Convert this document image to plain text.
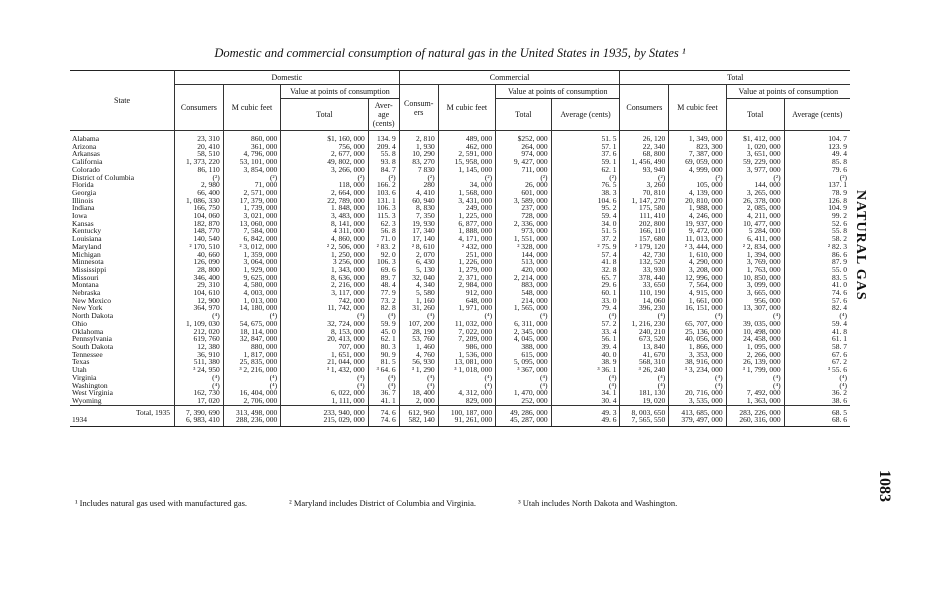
Domestic and commercial consumption of natural gas in the United States in 1935, by States ¹
NATURAL GAS
1083
State	Domestic				Commercial				Total			
	Consumers	M cubic feet	Value at points of consumption		Consum-ers	M cubic feet	Value at points of consumption		Consumers	M cubic feet	Value at points of consumption	
			Total	Aver-age (cents)			Total	Average (cents)			Total	Average (cents)
Alabama	23, 310	860, 000	$1, 160, 000	134. 9	2, 810	489, 000	$252, 000	51. 5	26, 120	1, 349, 000	$1, 412, 000	104. 7
Arizona	20, 410	361, 000	756, 000	209. 4	1, 930	462, 000	264, 000	57. 1	22, 340	823, 300	1, 020, 000	123. 9
Arkansas	58, 510	4, 796, 000	2, 677, 000	55. 8	10, 290	2, 591, 000	974, 000	37. 6	68, 800	7, 387, 000	3, 651, 000	49. 4
California	1, 373, 220	53, 101, 000	49, 802, 000	93. 8	83, 270	15, 958, 000	9, 427, 000	59. 1	1, 456, 490	69, 059, 000	59, 229, 000	85. 8
Colorado	86, 110	3, 854, 000	3, 266, 000	84. 7	7 830	1, 145, 000	711, 000	62. 1	93, 940	4, 999, 000	3, 977, 000	79. 6
District of Columbia	(²)	(²)	(²)	(²)	(²)	(²)	(²)	(²)	(²)	(²)	(²)	(²)
Florida	2, 980	71, 000	118, 000	166. 2	280	34, 000	26, 000	76. 5	3, 260	105, 000	144, 000	137. 1
Georgia	66, 400	2, 571, 000	2, 664, 000	103. 6	4, 410	1, 568, 000	601, 000	38. 3	70, 810	4, 139, 000	3, 265, 000	78. 9
Illinois	1, 086, 330	17, 379, 000	22, 789, 000	131. 1	60, 940	3, 431, 000	3, 589, 000	104. 6	1, 147, 270	20, 810, 000	26, 378, 000	126. 8
Indiana	166, 750	1, 739, 000	1. 848, 000	106. 3	8, 830	249, 000	237, 000	95. 2	175, 580	1, 988, 000	2, 085, 000	104. 9
Iowa	104, 060	3, 021, 000	3, 483, 000	115. 3	7, 350	1, 225, 000	728, 000	59. 4	111, 410	4, 246, 000	4, 211, 000	99. 2
Kansas	182, 870	13, 060, 000	8, 141, 000	62. 3	19, 930	6, 877, 000	2, 336, 000	34. 0	202, 800	19, 937, 000	10, 477, 000	52. 6
Kentucky	148, 770	7, 584, 000	4 311, 000	56. 8	17, 340	1, 888, 000	973, 000	51. 5	166, 110	9, 472, 000	5 284, 000	55. 8
Louisiana	140, 540	6, 842, 000	4, 860, 000	71. 0	17, 140	4, 171, 000	1, 551, 000	37. 2	157, 680	11, 013, 000	6, 411, 000	58. 2
Maryland	² 170, 510	² 3, 012, 000	² 2, 506, 000	² 83. 2	² 8, 610	² 432, 000	² 328, 000	² 75. 9	² 179, 120	² 3, 444, 000	² 2, 834, 000	² 82. 3
Michigan	40, 660	1, 359, 000	1, 250, 000	92. 0	2, 070	251, 000	144, 000	57. 4	42, 730	1, 610, 000	1, 394, 000	86. 6
Minnesota	126, 090	3, 064, 000	3 256, 000	106. 3	6, 430	1, 226, 000	513, 000	41. 8	132, 520	4, 290, 000	3, 769, 000	87. 9
Mississippi	28, 800	1, 929, 000	1, 343, 000	69. 6	5, 130	1, 279, 000	420, 000	32. 8	33, 930	3, 208, 000	1, 763, 000	55. 0
Missouri	346, 400	9, 625, 000	8, 636, 000	89. 7	32, 040	2, 371, 000	2, 214, 000	65. 7	378, 440	12, 996, 000	10, 850, 000	83. 5
Montana	29, 310	4, 580, 000	2, 216, 000	48. 4	4, 340	2, 984, 000	883, 000	29. 6	33, 650	7, 564, 000	3, 099, 000	41. 0
Nebraska	104, 610	4, 003, 000	3, 117, 000	77. 9	5, 580	912, 000	548, 000	60. 1	110, 190	4, 915, 000	3, 665, 000	74. 6
New Mexico	12, 900	1, 013, 000	742, 000	73. 2	1, 160	648, 000	214, 000	33. 0	14, 060	1, 661, 000	956, 000	57. 6
New York	364, 970	14, 180, 000	11, 742, 000	82. 8	31, 260	1, 971, 000	1, 565, 000	79. 4	396, 230	16, 151, 000	13, 307, 000	82. 4
North Dakota	(⁴)	(⁴)	(⁴)	(⁴)	(⁴)	(⁴)	(⁴)	(⁴)	(⁴)	(⁴)	(⁴)	(⁴)
Ohio	1, 109, 030	54, 675, 000	32, 724, 000	59. 9	107, 200	11, 032, 000	6, 311, 000	57. 2	1, 216, 230	65, 707, 000	39, 035, 000	59. 4
Oklahoma	212, 020	18, 114, 000	8, 153, 000	45. 0	28, 190	7, 022, 000	2, 345, 000	33. 4	240, 210	25, 136, 000	10, 498, 000	41. 8
Pennsylvania	619, 760	32, 847, 000	20, 413, 000	62. 1	53, 760	7, 209, 000	4, 045, 000	56. 1	673, 520	40, 056, 000	24, 458, 000	61. 1
South Dakota	12, 380	880, 000	707, 000	80. 3	1, 460	986, 000	388, 000	39. 4	13, 840	1, 866, 000	1, 095, 000	58. 7
Tennessee	36, 910	1, 817, 000	1, 651, 000	90. 9	4, 760	1, 536, 000	615, 000	40. 0	41, 670	3, 353, 000	2, 266, 000	67. 6
Texas	511, 380	25, 835, 000	21, 044, 000	81. 5	56, 930	13, 081, 000	5, 095, 000	38. 9	568, 310	38, 916, 000	26, 139, 000	67. 2
Utah	³ 24, 950	³ 2, 216, 000	³ 1, 432, 000	³ 64. 6	³ 1, 290	³ 1, 018, 000	³ 367, 000	³ 36. 1	³ 26, 240	³ 3, 234, 000	³ 1, 799, 000	³ 55. 6
Virginia	(⁴)	(⁴)	(⁴)	(⁴)	(⁴)	(⁴)	(⁴)	(⁴)	(⁴)	(⁴)	(⁴)	(⁴)
Washington	(⁴)	(⁴)	(⁴)	(⁴)	(⁴)	(⁴)	(⁴)	(⁴)	(⁴)	(⁴)	(⁴)	(⁴)
West Virginia	162, 730	16, 404, 000	6, 022, 000	36. 7	18, 400	4, 312, 000	1, 470, 000	34. 1	181, 130	20, 716, 000	7, 492, 000	36. 2
Wyoming	17, 020	2, 706, 000	1, 111, 000	41. 1	2, 000	829, 000	252, 000	30. 4	19, 020	3, 535, 000	1, 363, 000	38. 6
Total, 1935	7, 390, 690	313, 498, 000	233, 940, 000	74. 6	612, 960	100, 187, 000	49, 286, 000	49. 3	8, 003, 650	413, 685, 000	283, 226, 000	68. 5
1934	6, 983, 410	288, 236, 000	215, 029, 000	74. 6	582, 140	91, 261, 000	45, 287, 000	49. 6	7, 565, 550	379, 497, 000	260, 316, 000	68. 6
¹ Includes natural gas used with manufactured gas.	² Maryland includes District of Columbia and Virginia.	³ Utah includes North Dakota and Washington.
